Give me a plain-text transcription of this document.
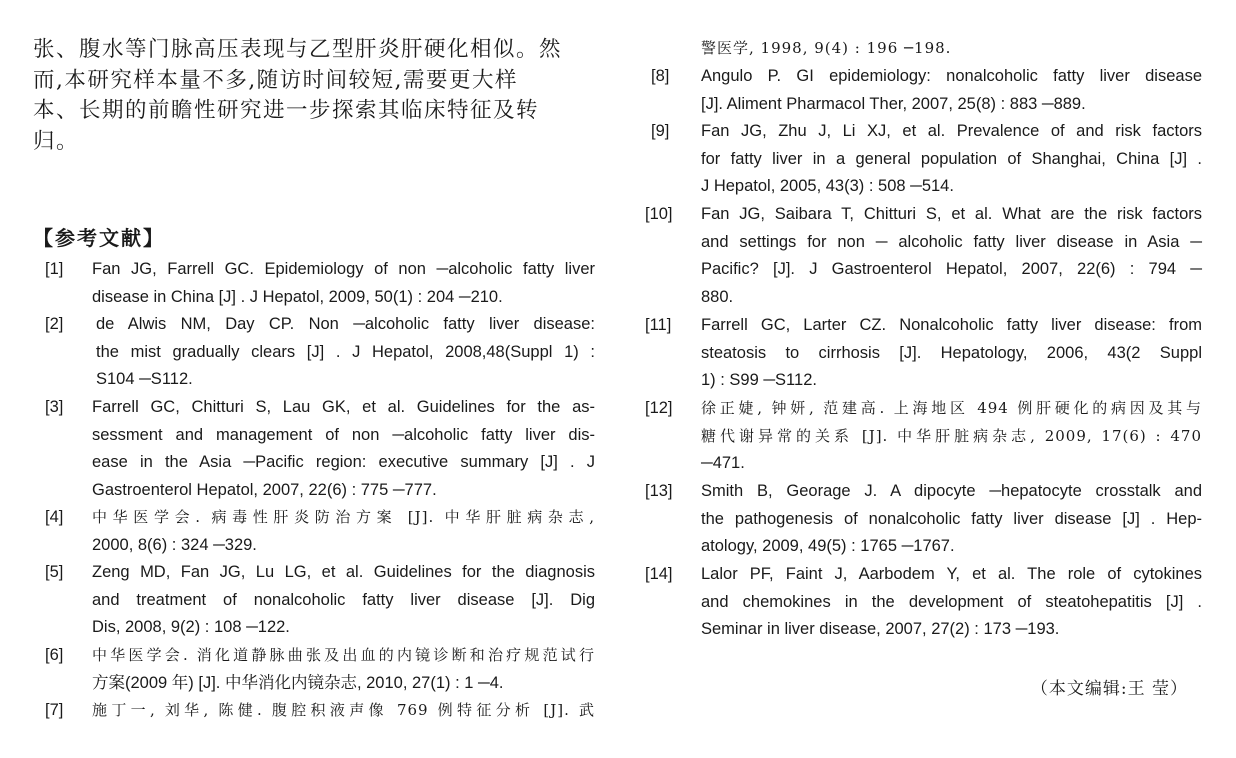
张、腹水等门脉高压表现与乙型肝炎肝硬化相似。然
而,本研究样本量不多,随访时间较短,需要更大样
本、长期的前瞻性研究进一步探索其临床特征及转
归。

【参考文献】
[1] Fan JG, Farrell GC. Epidemiology of non ─alcoholic fatty liver
disease in China [J] . J Hepatol, 2009, 50(1) : 204 ─210.
[2] de Alwis NM, Day CP. Non ─alcoholic fatty liver disease:
the mist gradually clears [J] . J Hepatol, 2008,48(Suppl 1) :
S104 ─S112.
[3] Farrell GC, Chitturi S, Lau GK, et al. Guidelines for the as-
sessment and management of non ─alcoholic fatty liver dis-
ease in the Asia ─Pacific region: executive summary [J] . J
Gastroenterol Hepatol, 2007, 22(6) : 775 ─777.
[4] 中华医学会. 病毒性肝炎防治方案 [J]. 中华肝脏病杂志,
2000, 8(6) : 324 ─329.
[5] Zeng MD, Fan JG, Lu LG, et al. Guidelines for the diagnosis
and treatment of nonalcoholic fatty liver disease [J]. Dig
Dis, 2008, 9(2) : 108 ─122.
[6] 中华医学会. 消化道静脉曲张及出血的内镜诊断和治疗规范试行
方案(2009 年) [J]. 中华消化内镜杂志, 2010, 27(1) : 1 ─4.
[7] 施丁一, 刘华, 陈健. 腹腔积液声像 769 例特征分析 [J]. 武
警医学, 1998, 9(4) : 196 ─198.
[8] Angulo P. GI epidemiology: nonalcoholic fatty liver disease
[J]. Aliment Pharmacol Ther, 2007, 25(8) : 883 ─889.
[9] Fan JG, Zhu J, Li XJ, et al. Prevalence of and risk factors
for fatty liver in a general population of Shanghai, China [J] .
J Hepatol, 2005, 43(3) : 508 ─514.
[10] Fan JG, Saibara T, Chitturi S, et al. What are the risk factors
and settings for non ─ alcoholic fatty liver disease in Asia ─
Pacific? [J]. J Gastroenterol Hepatol, 2007, 22(6) : 794 ─
880.
[11] Farrell GC, Larter CZ. Nonalcoholic fatty liver disease: from
steatosis to cirrhosis [J]. Hepatology, 2006, 43(2 Suppl
1) : S99 ─S112.
[12] 徐正婕, 钟妍, 范建高. 上海地区 494 例肝硬化的病因及其与
糖代谢异常的关系 [J]. 中华肝脏病杂志, 2009, 17(6) : 470
─471.
[13] Smith B, Georage J. A dipocyte ─hepatocyte crosstalk and
the pathogenesis of nonalcoholic fatty liver disease [J] . Hep-
atology, 2009, 49(5) : 1765 ─1767.
[14] Lalor PF, Faint J, Aarbodem Y, et al. The role of cytokines
and chemokines in the development of steatohepatitis [J] .
Seminar in liver disease, 2007, 27(2) : 173 ─193.
（本文编辑:王 莹）
